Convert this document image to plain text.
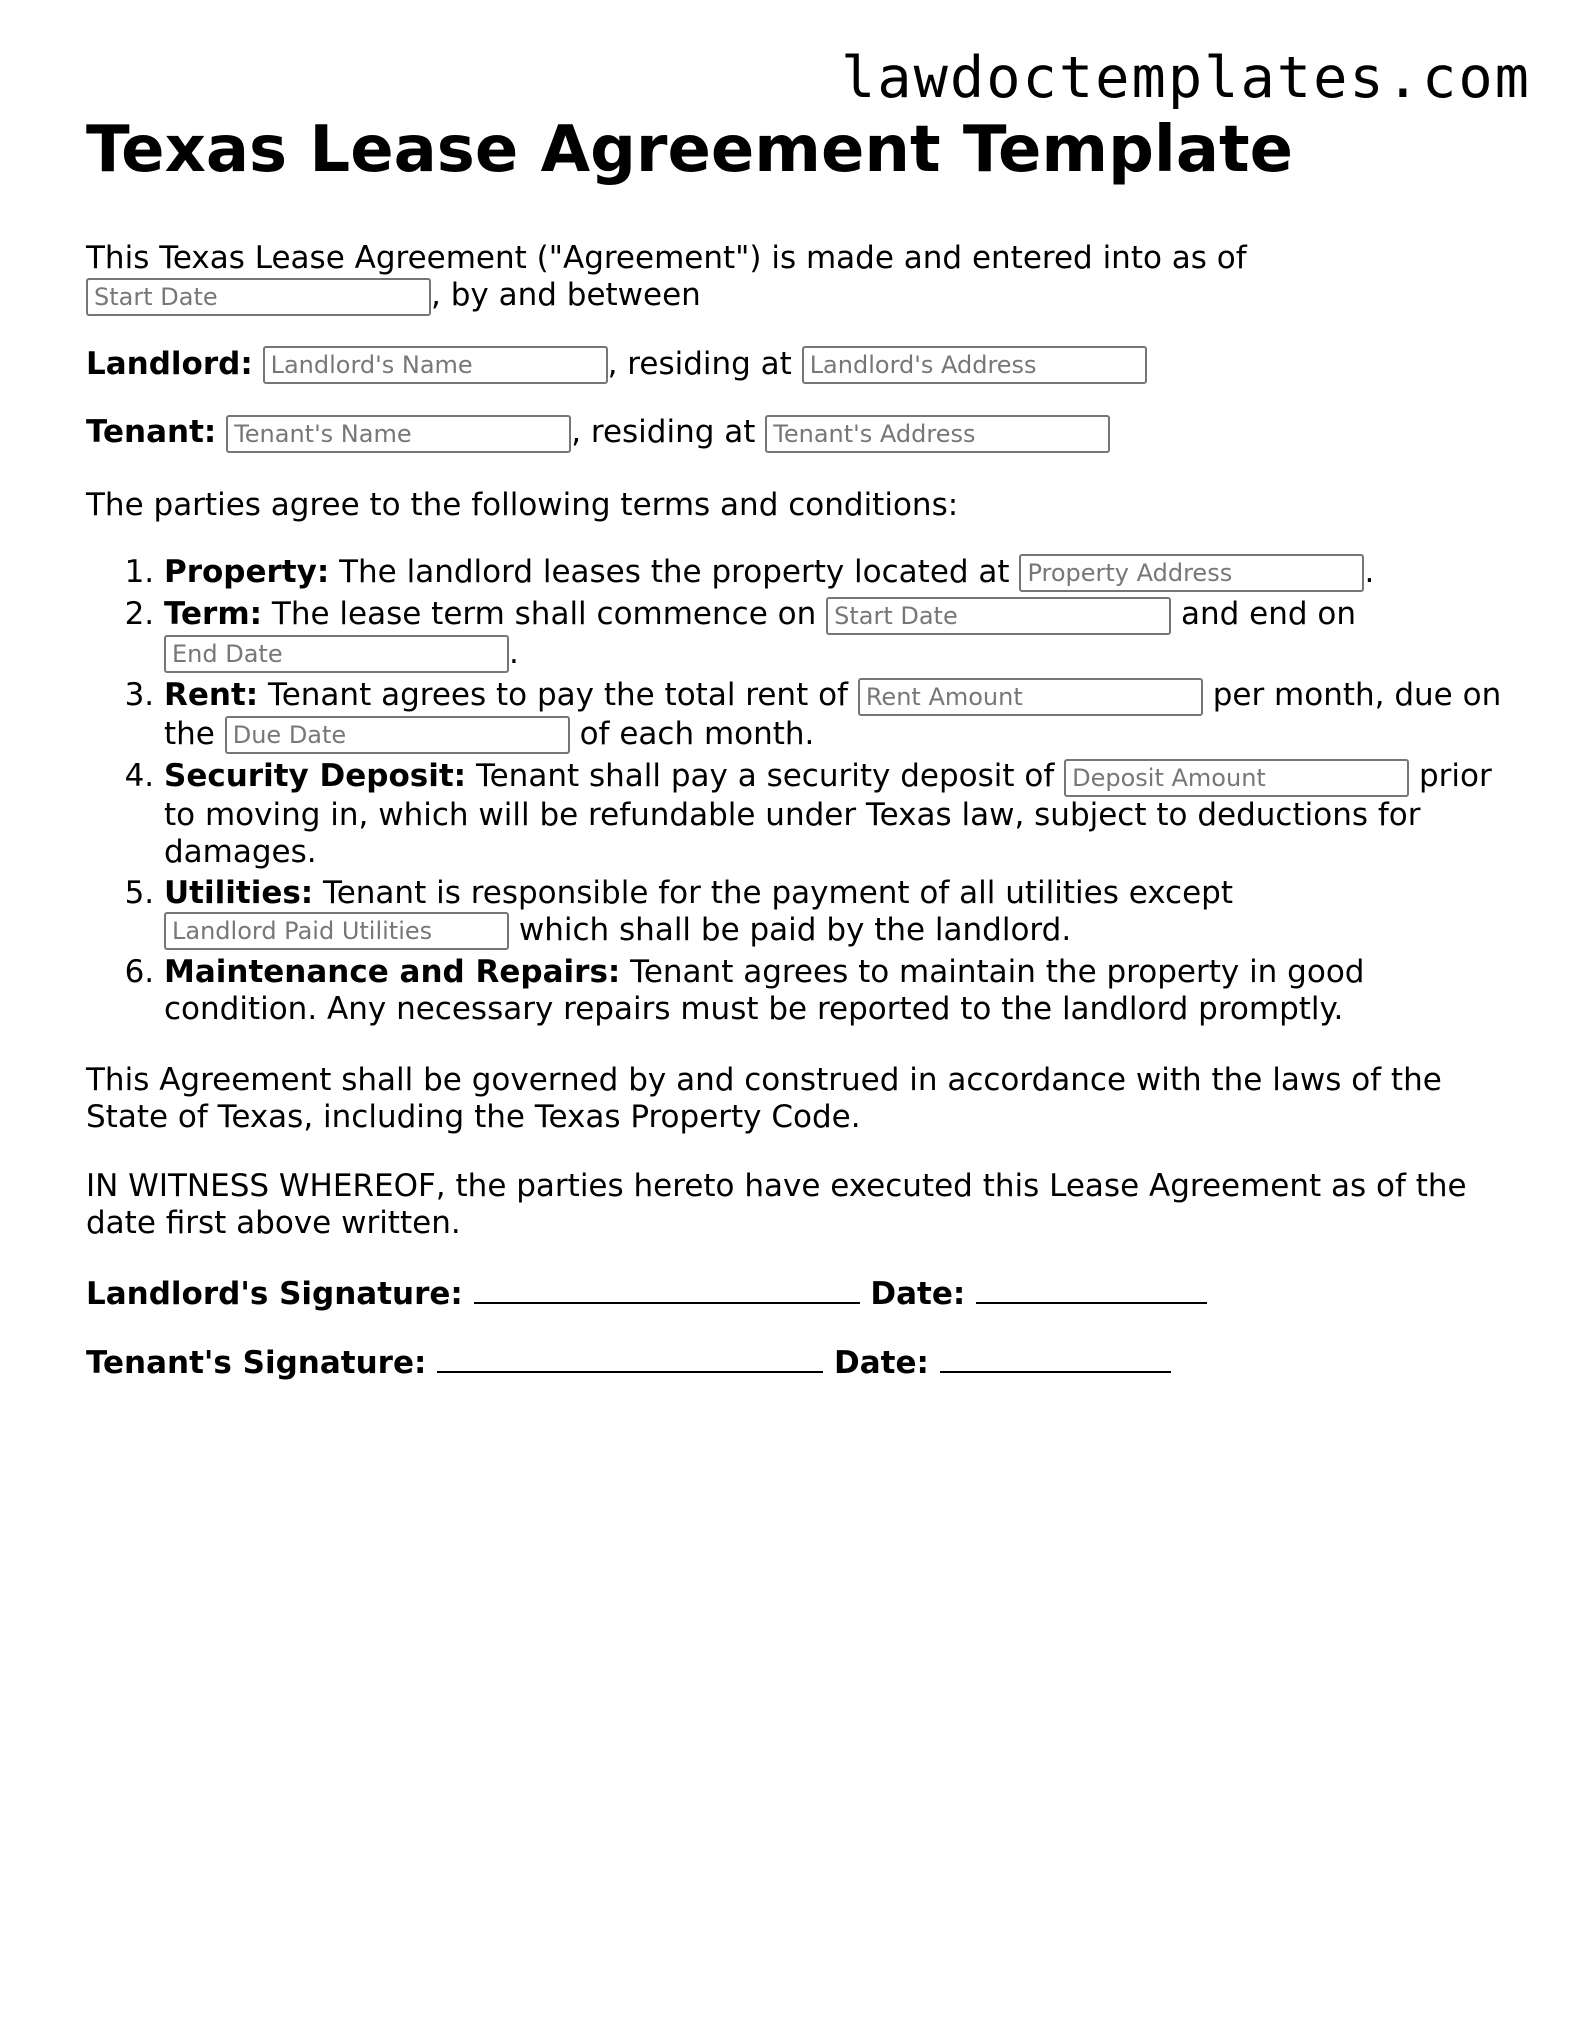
lawdoctemplates.com
Texas Lease Agreement Template

This Texas Lease Agreement ("Agreement") is made and entered into as of
Start Date, by and between

Landlord: Landlord's Name	, residing at Landlord's Address

Tenant: Tenant's Name	, residing at Tenant's Address

The parties agree to the following terms and conditions:

1. Property: The landlord leases the property located at Property Address	.
2. Term: The lease term shall commence on Start Date	and end on End Date.
3. Rent: Tenant agrees to pay the total rent of Rent Amount	per month, due on the Due Date	of each month.
4. Security Deposit: Tenant shall pay a security deposit of Deposit Amount	prior to moving in, which will be refundable under Texas law, subject to deductions for damages.
5. Utilities: Tenant is responsible for the payment of all utilities except
Landlord Paid Utilities which shall be paid by the landlord.
6. Maintenance and Repairs: Tenant agrees to maintain the property in good condition. Any necessary repairs must be reported to the landlord promptly.

This Agreement shall be governed by and construed in accordance with the laws of the State of Texas, including the Texas Property Code.

IN WITNESS WHEREOF, the parties hereto have executed this Lease Agreement as of the date first above written.

Landlord's Signature:	Date:

Tenant's Signature:	Date:
